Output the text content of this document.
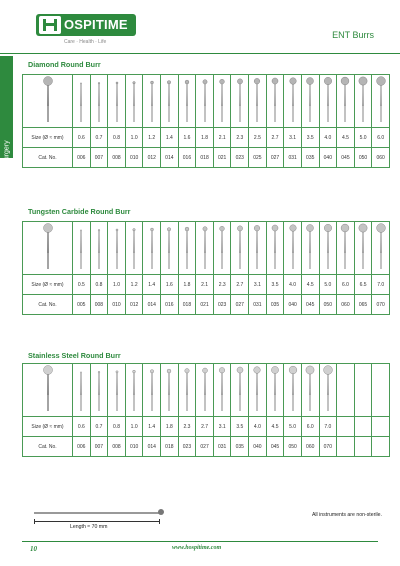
OSPITIME
Care · Health · Life
ENT Burrs
ENT Surgery
Diamond Round Burr

Size (Ø ≈ mm)	0.6	0.7	0.8	1.0	1.2	1.4	1.6	1.8	2.1	2.3	2.5	2.7	3.1	3.5	4.0	4.5	5.0	6.0
Cat. No.	006	007	008	010	012	014	016	018	021	023	025	027	031	035	040	045	050	060
Tungsten Carbide Round Burr

Size (Ø ≈ mm)	0.5	0.8	1.0	1.2	1.4	1.6	1.8	2.1	2.3	2.7	3.1	3.5	4.0	4.5	5.0	6.0	6.5	7.0
Cat. No.	005	008	010	012	014	016	018	021	023	027	031	035	040	045	050	060	065	070
Stainless Steel Round Burr

Size (Ø ≈ mm)	0.6	0.7	0.8	1.0	1.4	1.8	2.3	2.7	3.1	3.5	4.0	4.5	5.0	6.0	7.0			
Cat. No.	006	007	008	010	014	018	023	027	031	035	040	045	050	060	070			
Length ≈ 70 mm
All instruments are non-sterile.
10	www.hospitime.com
